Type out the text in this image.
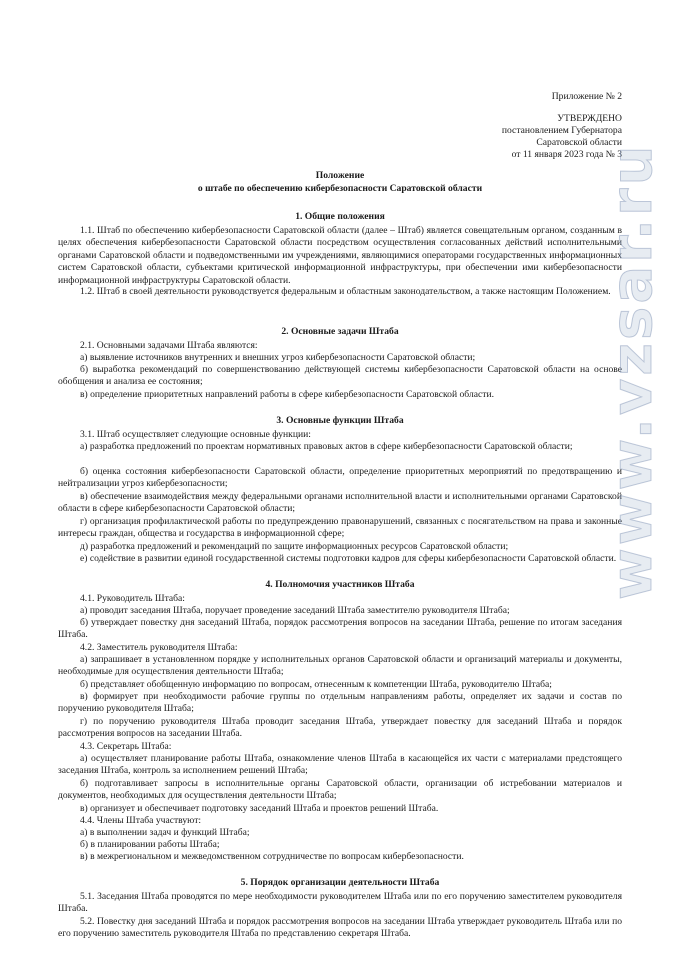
Приложение № 2
УТВЕРЖДЕНО
постановлением Губернатора
Саратовской области
от 11 января 2023 года № 3
Положение
о штабе по обеспечению кибербезопасности Саратовской области
1. Общие положения
1.1. Штаб по обеспечению кибербезопасности Саратовской области (далее – Штаб) является совещательным органом, созданным в целях обеспечения кибербезопасности Саратовской области посредством осуществления согласованных действий исполнительными органами Саратовской области и подведомственными им учреждениями, являющимися операторами государственных информационных систем Саратовской области, субъектами критической информационной инфраструктуры, при обеспечении ими кибербезопасности информационной инфраструктуры Саратовской области.
1.2. Штаб в своей деятельности руководствуется федеральным и областным законодательством, а также настоящим Положением.
2. Основные задачи Штаба
2.1. Основными задачами Штаба являются:
а) выявление источников внутренних и внешних угроз кибербезопасности Саратовской области;
б) выработка рекомендаций по совершенствованию действующей системы кибербезопасности Саратовской области на основе обобщения и анализа ее состояния;
в) определение приоритетных направлений работы в сфере кибербезопасности Саратовской области.
3. Основные функции Штаба
3.1. Штаб осуществляет следующие основные функции:
а) разработка предложений по проектам нормативных правовых актов в сфере кибербезопасности Саратовской области;
б) оценка состояния кибербезопасности Саратовской области, определение приоритетных мероприятий по предотвращению и нейтрализации угроз кибербезопасности;
в) обеспечение взаимодействия между федеральными органами исполнительной власти и исполнительными органами Саратовской области в сфере кибербезопасности Саратовской области;
г) организация профилактической работы по предупреждению правонарушений, связанных с посягательством на права и законные интересы граждан, общества и государства в информационной сфере;
д) разработка предложений и рекомендаций по защите информационных ресурсов Саратовской области;
е) содействие в развитии единой государственной системы подготовки кадров для сферы кибербезопасности Саратовской области.
4. Полномочия участников Штаба
4.1. Руководитель Штаба:
а) проводит заседания Штаба, поручает проведение заседаний Штаба заместителю руководителя Штаба;
б) утверждает повестку дня заседаний Штаба, порядок рассмотрения вопросов на заседании Штаба, решение по итогам заседания Штаба.
4.2. Заместитель руководителя Штаба:
а) запрашивает в установленном порядке у исполнительных органов Саратовской области и организаций материалы и документы, необходимые для осуществления деятельности Штаба;
б) представляет обобщенную информацию по вопросам, отнесенным к компетенции Штаба, руководителю Штаба;
в) формирует при необходимости рабочие группы по отдельным направлениям работы, определяет их задачи и состав по поручению руководителя Штаба;
г) по поручению руководителя Штаба проводит заседания Штаба, утверждает повестку для заседаний Штаба и порядок рассмотрения вопросов на заседании Штаба.
4.3. Секретарь Штаба:
а) осуществляет планирование работы Штаба, ознакомление членов Штаба в касающейся их части с материалами предстоящего заседания Штаба, контроль за исполнением решений Штаба;
б) подготавливает запросы в исполнительные органы Саратовской области, организации об истребовании материалов и документов, необходимых для осуществления деятельности Штаба;
в) организует и обеспечивает подготовку заседаний Штаба и проектов решений Штаба.
4.4. Члены Штаба участвуют:
а) в выполнении задач и функций Штаба;
б) в планировании работы Штаба;
в) в межрегиональном и межведомственном сотрудничестве по вопросам кибербезопасности.
5. Порядок организации деятельности Штаба
5.1. Заседания Штаба проводятся по мере необходимости руководителем Штаба или по его поручению заместителем руководителя Штаба.
5.2. Повестку дня заседаний Штаба и порядок рассмотрения вопросов на заседании Штаба утверждает руководитель Штаба или по его поручению заместитель руководителя Штаба по представлению секретаря Штаба.
www.vzsar.ru
